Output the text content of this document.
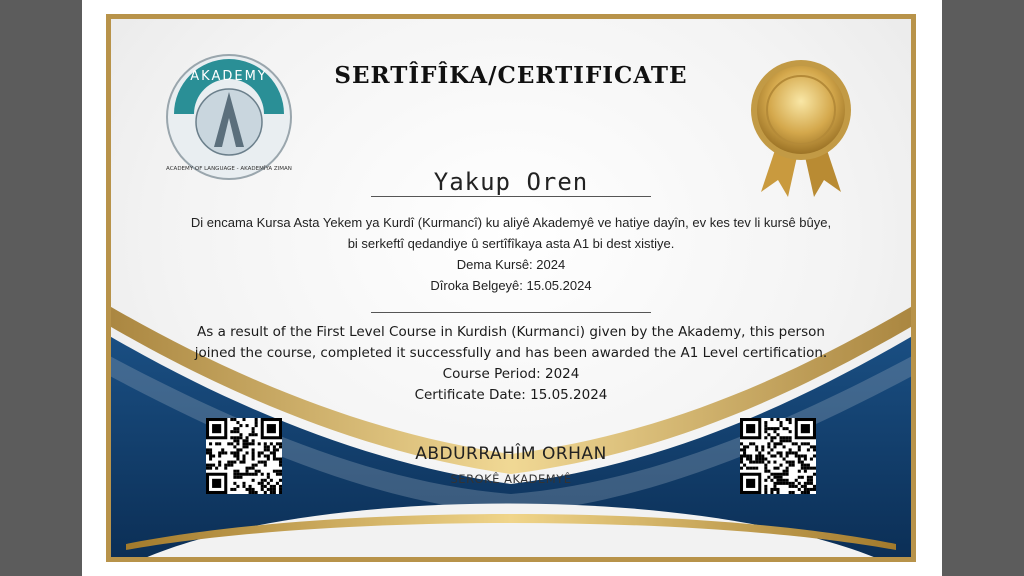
AKADEMY
ACADEMY OF LANGUAGE - AKADEMÎYA ZIMAN
SERTÎFÎKA/CERTIFICATE
Yakup Oren
Di encama Kursa Asta Yekem ya Kurdî (Kurmancî) ku aliyê Akademyê ve hatiye dayîn, ev kes tev li kursê bûye,
bi serkeftî qedandiye û sertîfîkaya asta A1 bi dest xistiye.
Dema Kursê: 2024
Dîroka Belgeyê: 15.05.2024
As a result of the First Level Course in Kurdish (Kurmanci) given by the Akademy, this person
joined the course, completed it successfully and has been awarded the A1 Level certification.
Course Period: 2024
Certificate Date: 15.05.2024
ABDURRAHÎM ORHAN
SEROKÊ AKADEMYÊ
